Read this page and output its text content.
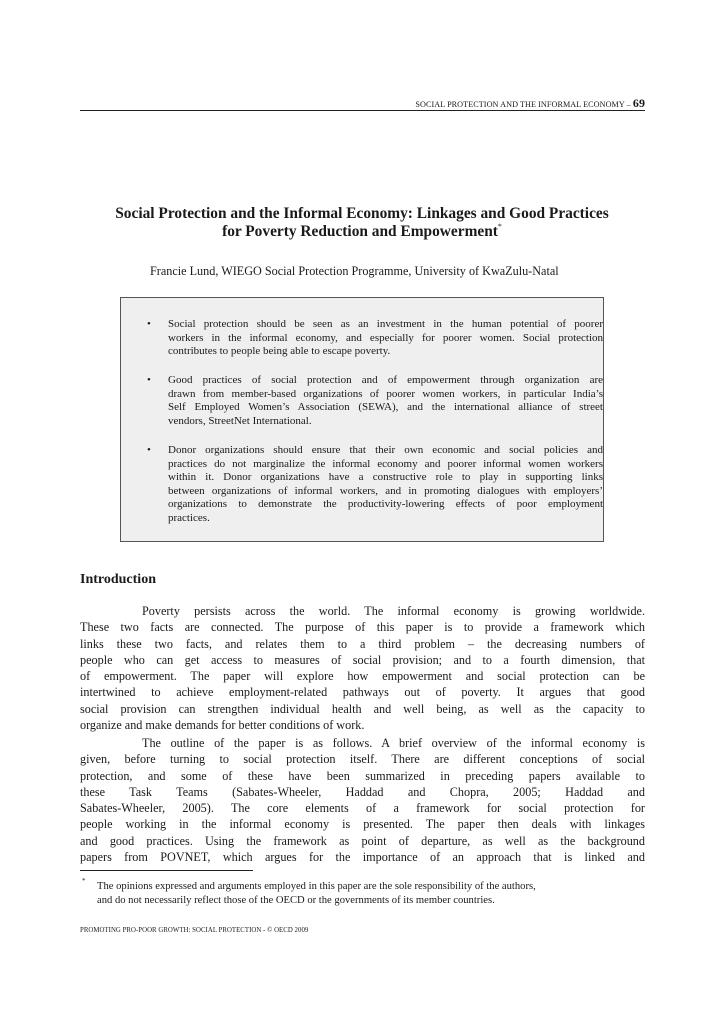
SOCIAL PROTECTION AND THE INFORMAL ECONOMY – 69
Social Protection and the Informal Economy: Linkages and Good Practices
for Poverty Reduction and Empowerment*
Francie Lund, WIEGO Social Protection Programme, University of KwaZulu-Natal
• Social protection should be seen as an investment in the human potential of poorer
workers in the informal economy, and especially for poorer women. Social protection
contributes to people being able to escape poverty.
• Good practices of social protection and of empowerment through organization are
drawn from member-based organizations of poorer women workers, in particular India’s
Self Employed Women’s Association (SEWA), and the international alliance of street
vendors, StreetNet International.
• Donor organizations should ensure that their own economic and social policies and
practices do not marginalize the informal economy and poorer informal women workers
within it. Donor organizations have a constructive role to play in supporting links
between organizations of informal workers, and in promoting dialogues with employers’
organizations to demonstrate the productivity-lowering effects of poor employment
practices.
Introduction
Poverty persists across the world. The informal economy is growing worldwide.
These two facts are connected. The purpose of this paper is to provide a framework which
links these two facts, and relates them to a third problem – the decreasing numbers of
people who can get access to measures of social provision; and to a fourth dimension, that
of empowerment. The paper will explore how empowerment and social protection can be
intertwined to achieve employment-related pathways out of poverty. It argues that good
social provision can strengthen individual health and well being, as well as the capacity to
organize and make demands for better conditions of work.
The outline of the paper is as follows. A brief overview of the informal economy is
given, before turning to social protection itself. There are different conceptions of social
protection, and some of these have been summarized in preceding papers available to
these Task Teams (Sabates-Wheeler, Haddad and Chopra, 2005; Haddad and
Sabates-Wheeler, 2005). The core elements of a framework for social protection for
people working in the informal economy is presented. The paper then deals with linkages
and good practices. Using the framework as point of departure, as well as the background
papers from POVNET, which argues for the importance of an approach that is linked and
* The opinions expressed and arguments employed in this paper are the sole responsibility of the authors,
and do not necessarily reflect those of the OECD or the governments of its member countries.
PROMOTING PRO-POOR GROWTH: SOCIAL PROTECTION - © OECD 2009
